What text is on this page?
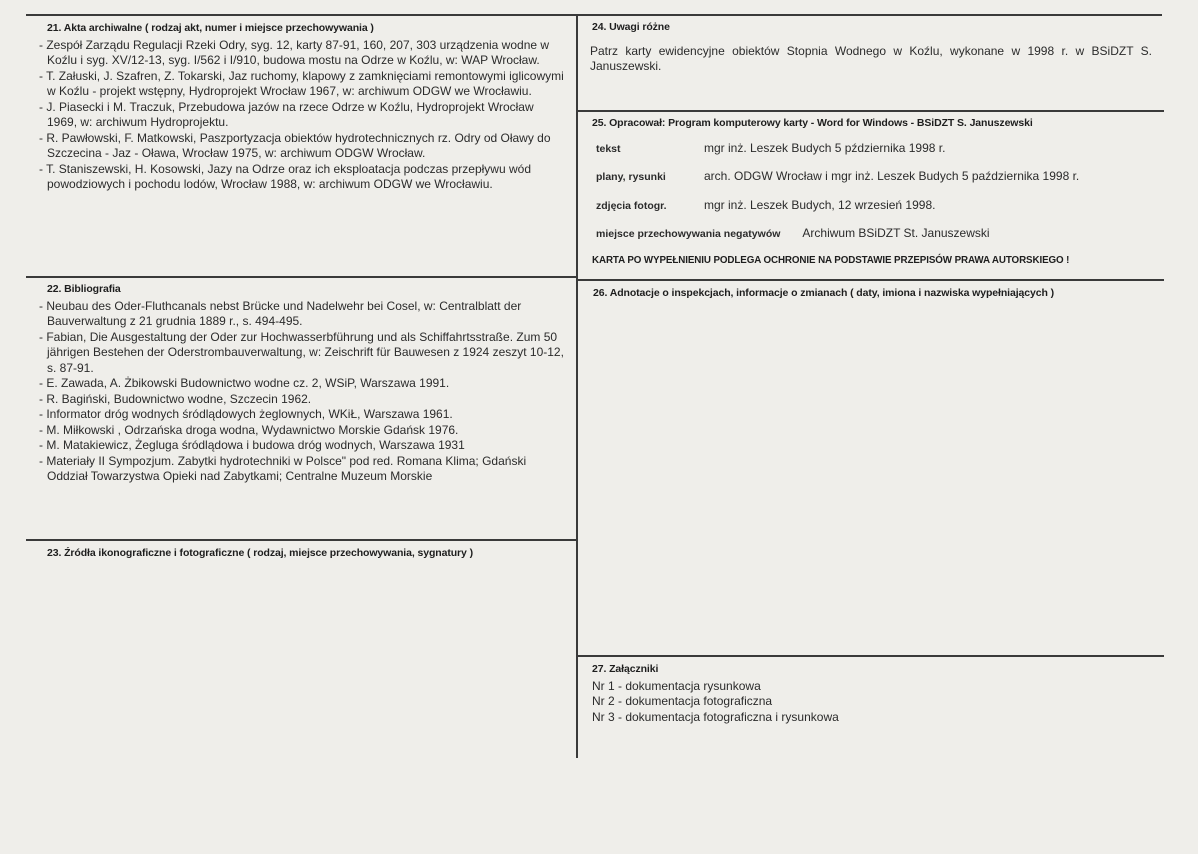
21. Akta archiwalne ( rodzaj akt, numer i miejsce przechowywania )

- Zespół Zarządu Regulacji Rzeki Odry, syg. 12, karty 87-91, 160, 207, 303 urządzenia wodne w Koźlu i syg. XV/12-13, syg. I/562 i I/910, budowa mostu na Odrze w Koźlu, w: WAP Wrocław.

- T. Załuski, J. Szafren, Z. Tokarski, Jaz ruchomy, klapowy z zamknięciami remontowymi iglicowymi w Koźlu - projekt wstępny, Hydroprojekt Wrocław 1967, w: archiwum ODGW we Wrocławiu.

- J. Piasecki i M. Traczuk, Przebudowa jazów na rzece Odrze w Koźlu, Hydroprojekt Wrocław 1969, w: archiwum Hydroprojektu.

- R. Pawłowski, F. Matkowski, Paszportyzacja obiektów hydrotechnicznych rz. Odry od Oławy do Szczecina - Jaz - Oława, Wrocław 1975, w: archiwum ODGW Wrocław.

- T. Staniszewski, H. Kosowski, Jazy na Odrze oraz ich eksploatacja podczas przepływu wód powodziowych i pochodu lodów, Wrocław 1988, w: archiwum ODGW we Wrocławiu.

22. Bibliografia

- Neubau des Oder-Fluthcanals nebst Brücke und Nadelwehr bei Cosel, w: Centralblatt der Bauverwaltung z 21 grudnia 1889 r., s. 494-495.

- Fabian, Die Ausgestaltung der Oder zur Hochwasserbführung und als Schiffahrtsstraße. Zum 50 jährigen Bestehen der Oderstrombauverwaltung, w: Zeischrift für Bauwesen z 1924 zeszyt 10-12, s. 87-91.

- E. Zawada, A. Żbikowski Budownictwo wodne cz. 2, WSiP, Warszawa 1991.

- R. Bagiński, Budownictwo wodne, Szczecin 1962.

- Informator dróg wodnych śródlądowych żeglownych, WKiŁ, Warszawa 1961.

- M. Miłkowski , Odrzańska droga wodna, Wydawnictwo Morskie Gdańsk 1976.

- M. Matakiewicz, Żegluga śródlądowa i budowa dróg wodnych, Warszawa 1931

- Materiały II Sympozjum. Zabytki hydrotechniki w Polsce" pod red. Romana Klima; Gdański Oddział Towarzystwa Opieki nad Zabytkami; Centralne Muzeum Morskie

23. Źródła ikonograficzne i fotograficzne ( rodzaj, miejsce przechowywania, sygnatury )
24. Uwagi różne

Patrz karty ewidencyjne obiektów Stopnia Wodnego w Koźlu, wykonane w 1998 r. w BSiDZT S. Januszewski.

25. Opracował: Program komputerowy karty - Word for Windows - BSiDZT S. Januszewski
tekst	mgr inż. Leszek Budych 5 pździernika 1998 r.
plany, rysunki	arch. ODGW Wrocław i mgr inż. Leszek Budych 5 października 1998 r.
zdjęcia fotogr.	mgr inż. Leszek Budych, 12 wrzesień 1998.
miejsce przechowywania negatywów Archiwum BSiDZT St. Januszewski
KARTA PO WYPEŁNIENIU PODLEGA OCHRONIE NA PODSTAWIE PRZEPISÓW PRAWA AUTORSKIEGO !
26. Adnotacje o inspekcjach, informacje o zmianach ( daty, imiona i nazwiska wypełniających )
27. Załączniki

Nr 1 - dokumentacja rysunkowa

Nr 2 - dokumentacja fotograficzna

Nr 3 - dokumentacja fotograficzna i rysunkowa
